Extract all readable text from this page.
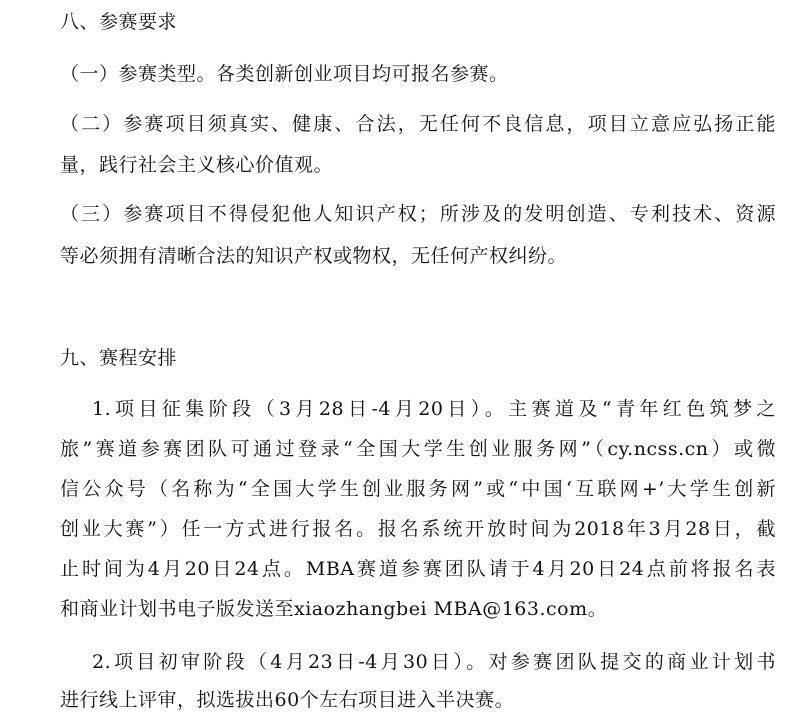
八、参赛要求
（一）参赛类型。各类创新创业项目均可报名参赛。
（二）参赛项目须真实、健康、合法，无任何不良信息，项目立意应弘扬正能
量，践行社会主义核心价值观。
（三）参赛项目不得侵犯他人知识产权；所涉及的发明创造、专利技术、资源
等必须拥有清晰合法的知识产权或物权，无任何产权纠纷。
九、赛程安排
1.项目征集阶段（3月28日-4月20日）。主赛道及“青年红色筑梦之
旅”赛道参赛团队可通过登录“全国大学生创业服务网”（cy.ncss.cn）或微
信公众号（名称为“全国大学生创业服务网”或“中国‘互联网+’大学生创新
创业大赛”）任一方式进行报名。报名系统开放时间为2018年3月28日，截
止时间为4月20日24点。MBA赛道参赛团队请于4月20日24点前将报名表
和商业计划书电子版发送至xiaozhangbei MBA@163.com。
2.项目初审阶段（4月23日-4月30日）。对参赛团队提交的商业计划书
进行线上评审，拟选拔出60个左右项目进入半决赛。
